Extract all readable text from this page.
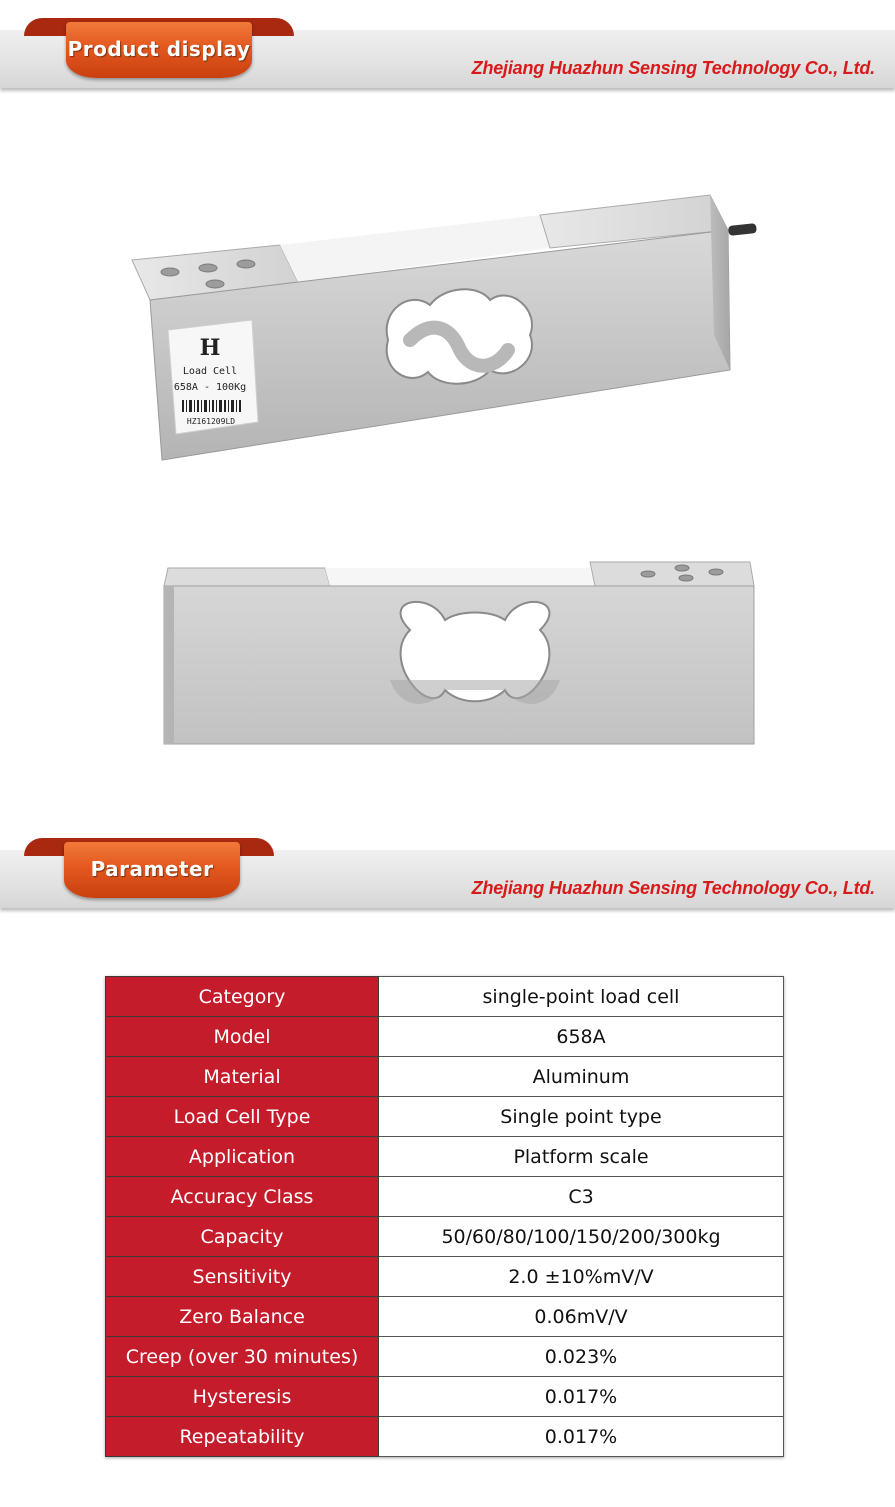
Product display
Zhejiang Huazhun Sensing Technology Co., Ltd.
H
Load Cell
658A - 100Kg
HZ161209LD
Parameter
Zhejiang Huazhun Sensing Technology Co., Ltd.
Category	single-point load cell
Model	658A
Material	Aluminum
Load Cell Type	Single point type
Application	Platform scale
Accuracy Class	C3
Capacity	50/60/80/100/150/200/300kg
Sensitivity	2.0 ±10%mV/V
Zero Balance	0.06mV/V
Creep (over 30 minutes)	0.023%
Hysteresis	0.017%
Repeatability	0.017%
